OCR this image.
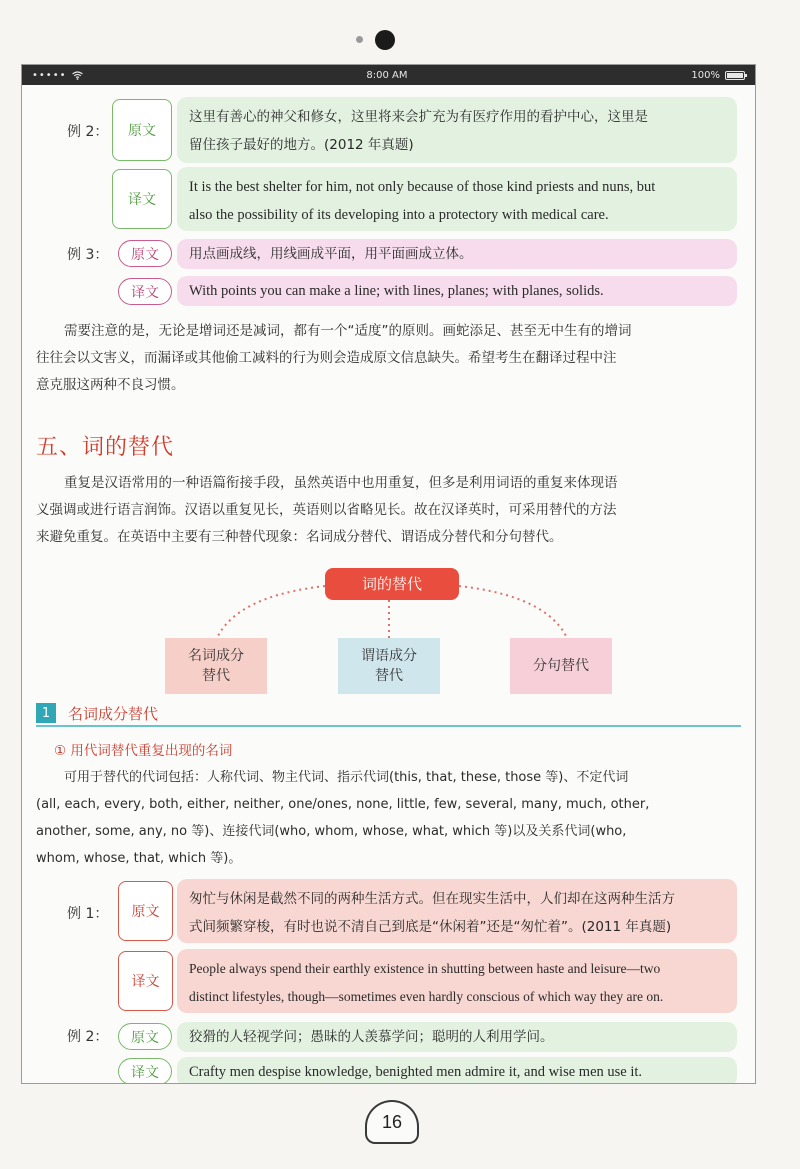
•••••	8:00 AM	100%
例 2：	原文
这里有善心的神父和修女，这里将来会扩充为有医疗作用的看护中心，这里是
留住孩子最好的地方。(2012 年真题)
译文
It is the best shelter for him, not only because of those kind priests and nuns, but
also the possibility of its developing into a protectory with medical care.
例 3：	原文	用点画成线，用线画成平面，用平面画成立体。
译文	With points you can make a line; with lines, planes; with planes, solids.
需要注意的是，无论是增词还是减词，都有一个“适度”的原则。画蛇添足、甚至无中生有的增词
往往会以文害义，而漏译或其他偷工减料的行为则会造成原文信息缺失。希望考生在翻译过程中注
意克服这两种不良习惯。
五、词的替代
重复是汉语常用的一种语篇衔接手段，虽然英语中也用重复，但多是利用词语的重复来体现语
义强调或进行语言润饰。汉语以重复见长，英语则以省略见长。故在汉译英时，可采用替代的方法
来避免重复。在英语中主要有三种替代现象：名词成分替代、谓语成分替代和分句替代。
词的替代
名词成分
替代
谓语成分
替代
分句替代
1	名词成分替代
① 用代词替代重复出现的名词
可用于替代的代词包括：人称代词、物主代词、指示代词(this, that, these, those 等)、不定代词
(all, each, every, both, either, neither, one/ones, none, little, few, several, many, much, other,
another, some, any, no 等)、连接代词(who, whom, whose, what, which 等)以及关系代词(who,
whom, whose, that, which 等)。
例 1：	原文
匆忙与休闲是截然不同的两种生活方式。但在现实生活中，人们却在这两种生活方
式间频繁穿梭，有时也说不清自己到底是“休闲着”还是“匆忙着”。(2011 年真题)
译文
People always spend their earthly existence in shutting between haste and leisure—two
distinct lifestyles, though—sometimes even hardly conscious of which way they are on.
例 2：	原文	狡猾的人轻视学问；愚昧的人羡慕学问；聪明的人利用学问。
译文	Crafty men despise knowledge, benighted men admire it, and wise men use it.
16
